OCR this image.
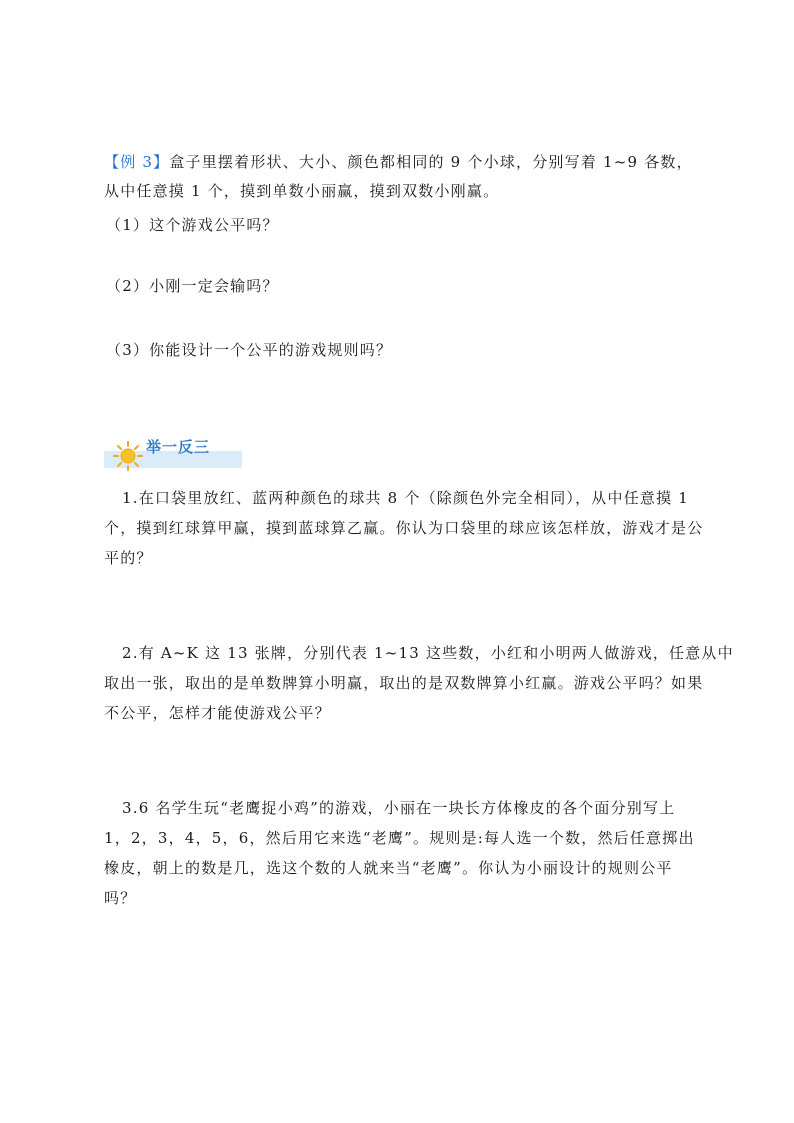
【例 3】盒子里摆着形状、大小、颜色都相同的 9 个小球，分别写着 1~9 各数，
从中任意摸 1 个，摸到单数小丽赢，摸到双数小刚赢。
（1）这个游戏公平吗？
（2）小刚一定会输吗？
（3）你能设计一个公平的游戏规则吗？
举一反三
1.在口袋里放红、蓝两种颜色的球共 8 个（除颜色外完全相同），从中任意摸 1
个，摸到红球算甲赢，摸到蓝球算乙赢。你认为口袋里的球应该怎样放，游戏才是公
平的？
2.有 A~K 这 13 张牌，分别代表 1~13 这些数，小红和小明两人做游戏，任意从中
取出一张，取出的是单数牌算小明赢，取出的是双数牌算小红赢。游戏公平吗？如果
不公平，怎样才能使游戏公平？
3.6 名学生玩“老鹰捉小鸡”的游戏，小丽在一块长方体橡皮的各个面分别写上
1，2，3，4，5，6，然后用它来选“老鹰”。规则是:每人选一个数，然后任意掷出
橡皮，朝上的数是几，选这个数的人就来当“老鹰”。你认为小丽设计的规则公平
吗？
